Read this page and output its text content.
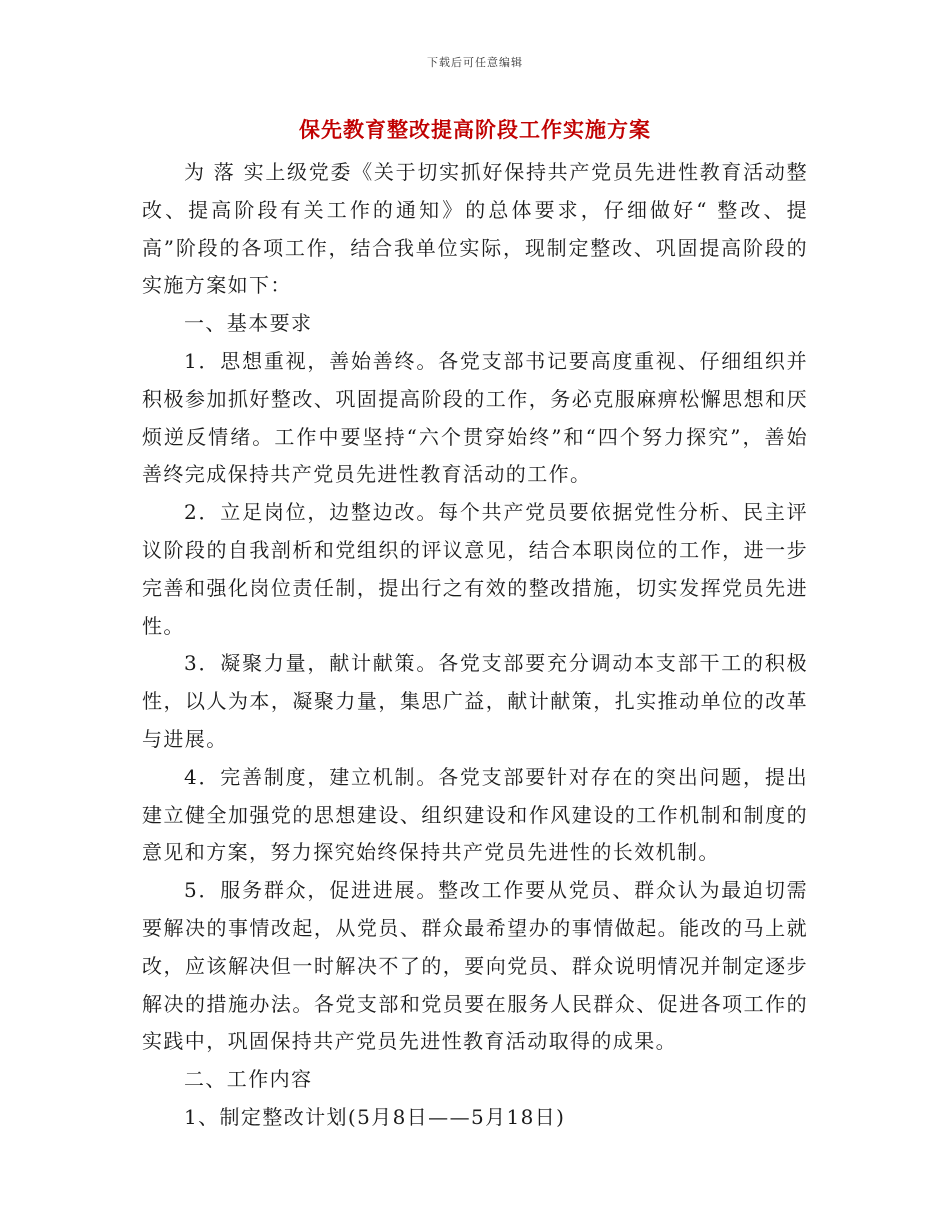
下载后可任意编辑
保先教育整改提高阶段工作实施方案

为 落 实上级党委《关于切实抓好保持共产党员先进性教育活动整改、提高阶段有关工作的通知》的总体要求，仔细做好“ 整改、提高”阶段的各项工作，结合我单位实际，现制定整改、巩固提高阶段的实施方案如下：

一、基本要求

1．思想重视，善始善终。各党支部书记要高度重视、仔细组织并积极参加抓好整改、巩固提高阶段的工作，务必克服麻痹松懈思想和厌烦逆反情绪。工作中要坚持“六个贯穿始终”和“四个努力探究”，善始善终完成保持共产党员先进性教育活动的工作。

2．立足岗位，边整边改。每个共产党员要依据党性分析、民主评议阶段的自我剖析和党组织的评议意见，结合本职岗位的工作，进一步完善和强化岗位责任制，提出行之有效的整改措施，切实发挥党员先进性。

3．凝聚力量，献计献策。各党支部要充分调动本支部干工的积极性，以人为本，凝聚力量，集思广益，献计献策，扎实推动单位的改革与进展。

4．完善制度，建立机制。各党支部要针对存在的突出问题，提出建立健全加强党的思想建设、组织建设和作风建设的工作机制和制度的意见和方案，努力探究始终保持共产党员先进性的长效机制。

5．服务群众，促进进展。整改工作要从党员、群众认为最迫切需要解决的事情改起，从党员、群众最希望办的事情做起。能改的马上就改，应该解决但一时解决不了的，要向党员、群众说明情况并制定逐步解决的措施办法。各党支部和党员要在服务人民群众、促进各项工作的实践中，巩固保持共产党员先进性教育活动取得的成果。

二、工作内容

1、制定整改计划(5月8日——5月18日)
